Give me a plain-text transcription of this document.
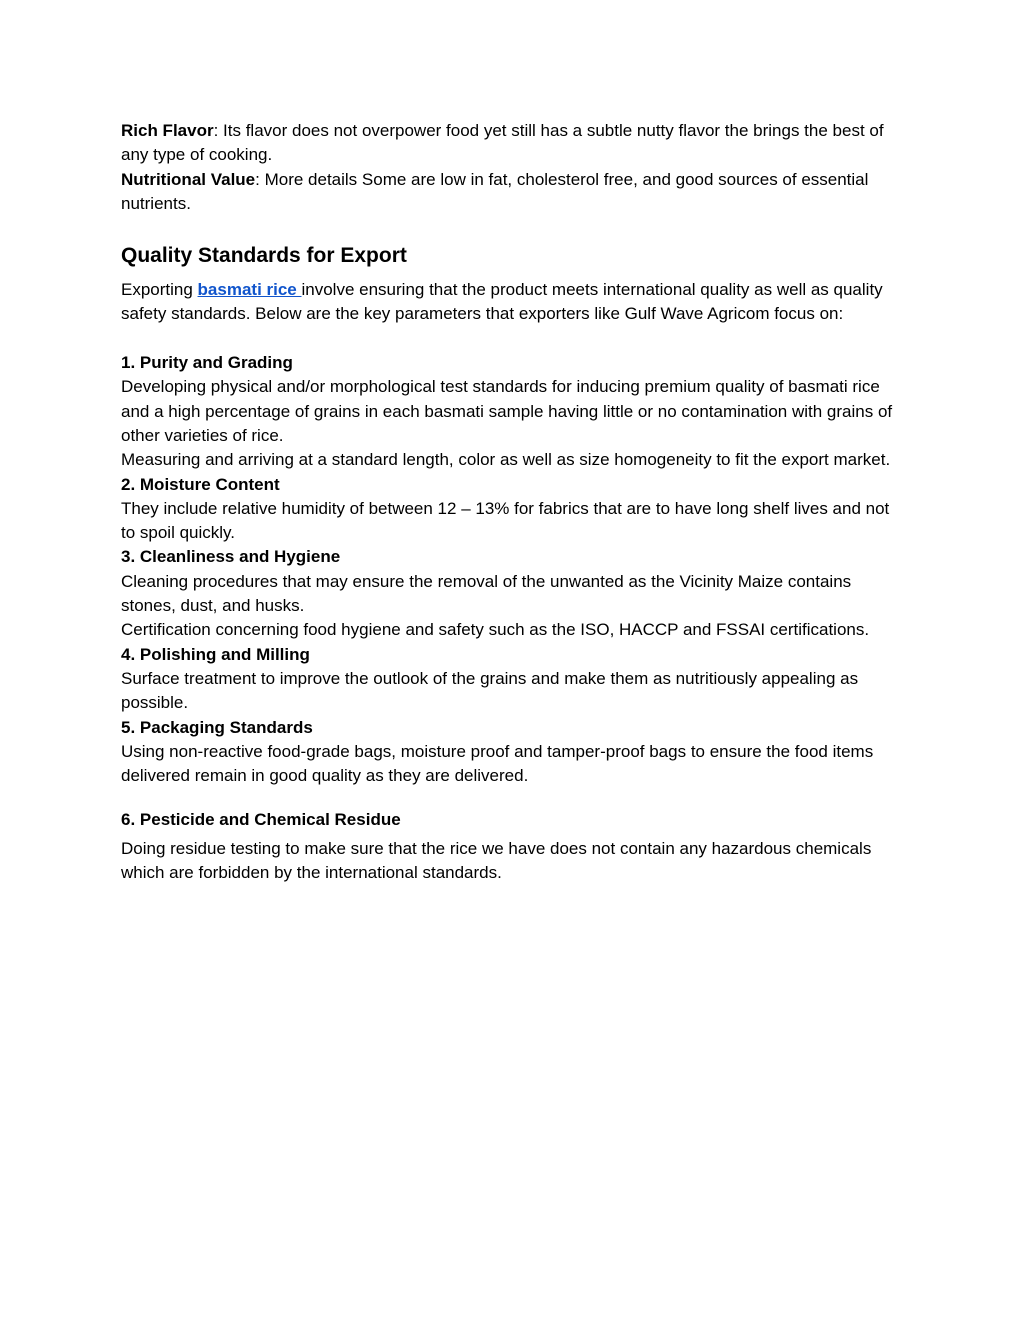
Rich Flavor: Its flavor does not overpower food yet still has a subtle nutty flavor the brings the best of any type of cooking.

Nutritional Value: More details Some are low in fat, cholesterol free, and good sources of essential nutrients.

Quality Standards for Export

Exporting basmati rice involve ensuring that the product meets international quality as well as quality safety standards. Below are the key parameters that exporters like Gulf Wave Agricom focus on:

1. Purity and Grading

Developing physical and/or morphological test standards for inducing premium quality of basmati rice and a high percentage of grains in each basmati sample having little or no contamination with grains of other varieties of rice.

Measuring and arriving at a standard length, color as well as size homogeneity to fit the export market.

2. Moisture Content

They include relative humidity of between 12 – 13% for fabrics that are to have long shelf lives and not to spoil quickly.

3. Cleanliness and Hygiene

Cleaning procedures that may ensure the removal of the unwanted as the Vicinity Maize contains stones, dust, and husks.

Certification concerning food hygiene and safety such as the ISO, HACCP and FSSAI certifications.

4. Polishing and Milling

Surface treatment to improve the outlook of the grains and make them as nutritiously appealing as possible.

5. Packaging Standards

Using non-reactive food-grade bags, moisture proof and tamper-proof bags to ensure the food items delivered remain in good quality as they are delivered.

6. Pesticide and Chemical Residue

Doing residue testing to make sure that the rice we have does not contain any hazardous chemicals which are forbidden by the international standards.
